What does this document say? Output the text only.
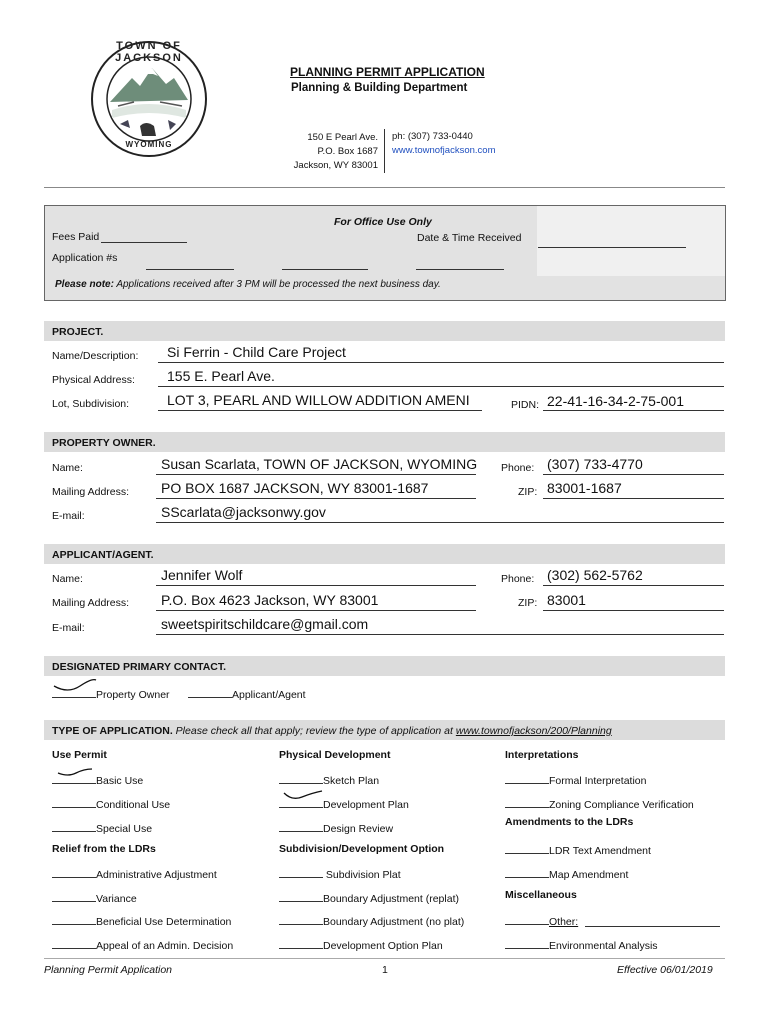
TOWN OF JACKSON
WYOMING
PLANNING PERMIT APPLICATION
Planning & Building Department
150 E Pearl Ave.
P.O. Box 1687
Jackson, WY 83001
ph: (307) 733-0440
www.townofjackson.com
For Office Use Only
Fees Paid	Date & Time Received
Application #s
Please note: Applications received after 3 PM will be processed the next business day.
PROJECT.
Name/Description: Si Ferrin - Child Care Project
Physical Address: 155 E. Pearl Ave.
Lot, Subdivision:	LOT 3, PEARL AND WILLOW ADDITION AMENI	PIDN: 22-41-16-34-2-75-001
PROPERTY OWNER.
Name:	Susan Scarlata, TOWN OF JACKSON, WYOMING Phone: (307) 733-4770
Mailing Address: PO BOX 1687 JACKSON, WY 83001-1687	ZIP: 83001-1687
E-mail:	SScarlata@jacksonwy.gov
APPLICANT/AGENT.
Name:	Jennifer Wolf	Phone: (302) 562-5762
Mailing Address: P.O. Box 4623 Jackson, WY 83001	ZIP: 83001
E-mail:	sweetspiritschildcare@gmail.com
DESIGNATED PRIMARY CONTACT.
Property Owner	Applicant/Agent
TYPE OF APPLICATION. Please check all that apply; review the type of application at www.townofjackson/200/Planning
Use Permit
Basic Use
Conditional Use
Special Use
Relief from the LDRs
Administrative Adjustment
Variance
Beneficial Use Determination
Appeal of an Admin. Decision
Physical Development
Sketch Plan
Development Plan
Design Review
Subdivision/Development Option
Subdivision Plat
Boundary Adjustment (replat)
Boundary Adjustment (no plat)
Development Option Plan
Interpretations
Formal Interpretation
Zoning Compliance Verification
Amendments to the LDRs
LDR Text Amendment
Map Amendment
Miscellaneous
Other:
Environmental Analysis
Planning Permit Application	1	Effective 06/01/2019
